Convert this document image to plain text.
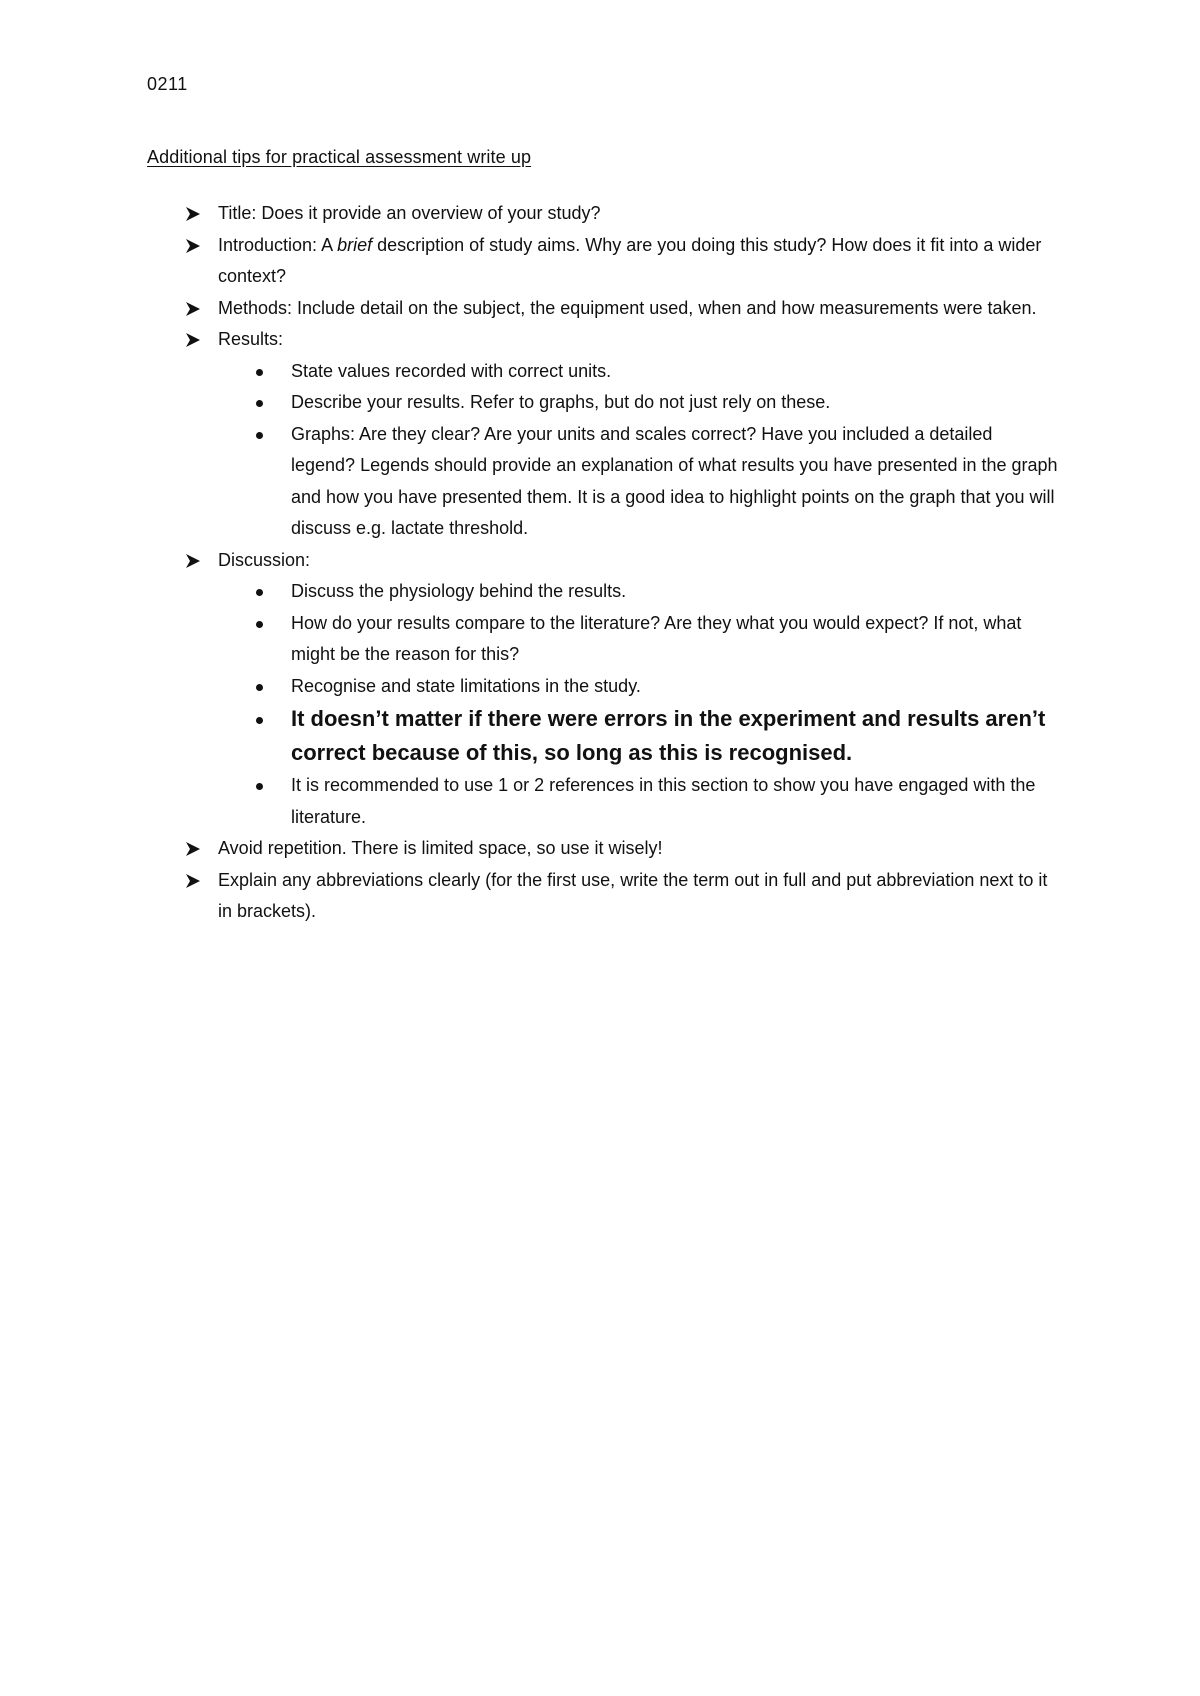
0211
Additional tips for practical assessment write up
Title: Does it provide an overview of your study?
Introduction: A brief description of study aims. Why are you doing this study? How does it fit into a wider context?
Methods: Include detail on the subject, the equipment used, when and how measurements were taken.
Results:
State values recorded with correct units.
Describe your results. Refer to graphs, but do not just rely on these.
Graphs: Are they clear? Are your units and scales correct? Have you included a detailed legend? Legends should provide an explanation of what results you have presented in the graph and how you have presented them. It is a good idea to highlight points on the graph that you will discuss e.g. lactate threshold.
Discussion:
Discuss the physiology behind the results.
How do your results compare to the literature? Are they what you would expect? If not, what might be the reason for this?
Recognise and state limitations in the study.
It doesn’t matter if there were errors in the experiment and results aren’t correct because of this, so long as this is recognised.
It is recommended to use 1 or 2 references in this section to show you have engaged with the literature.
Avoid repetition. There is limited space, so use it wisely!
Explain any abbreviations clearly (for the first use, write the term out in full and put abbreviation next to it in brackets).
